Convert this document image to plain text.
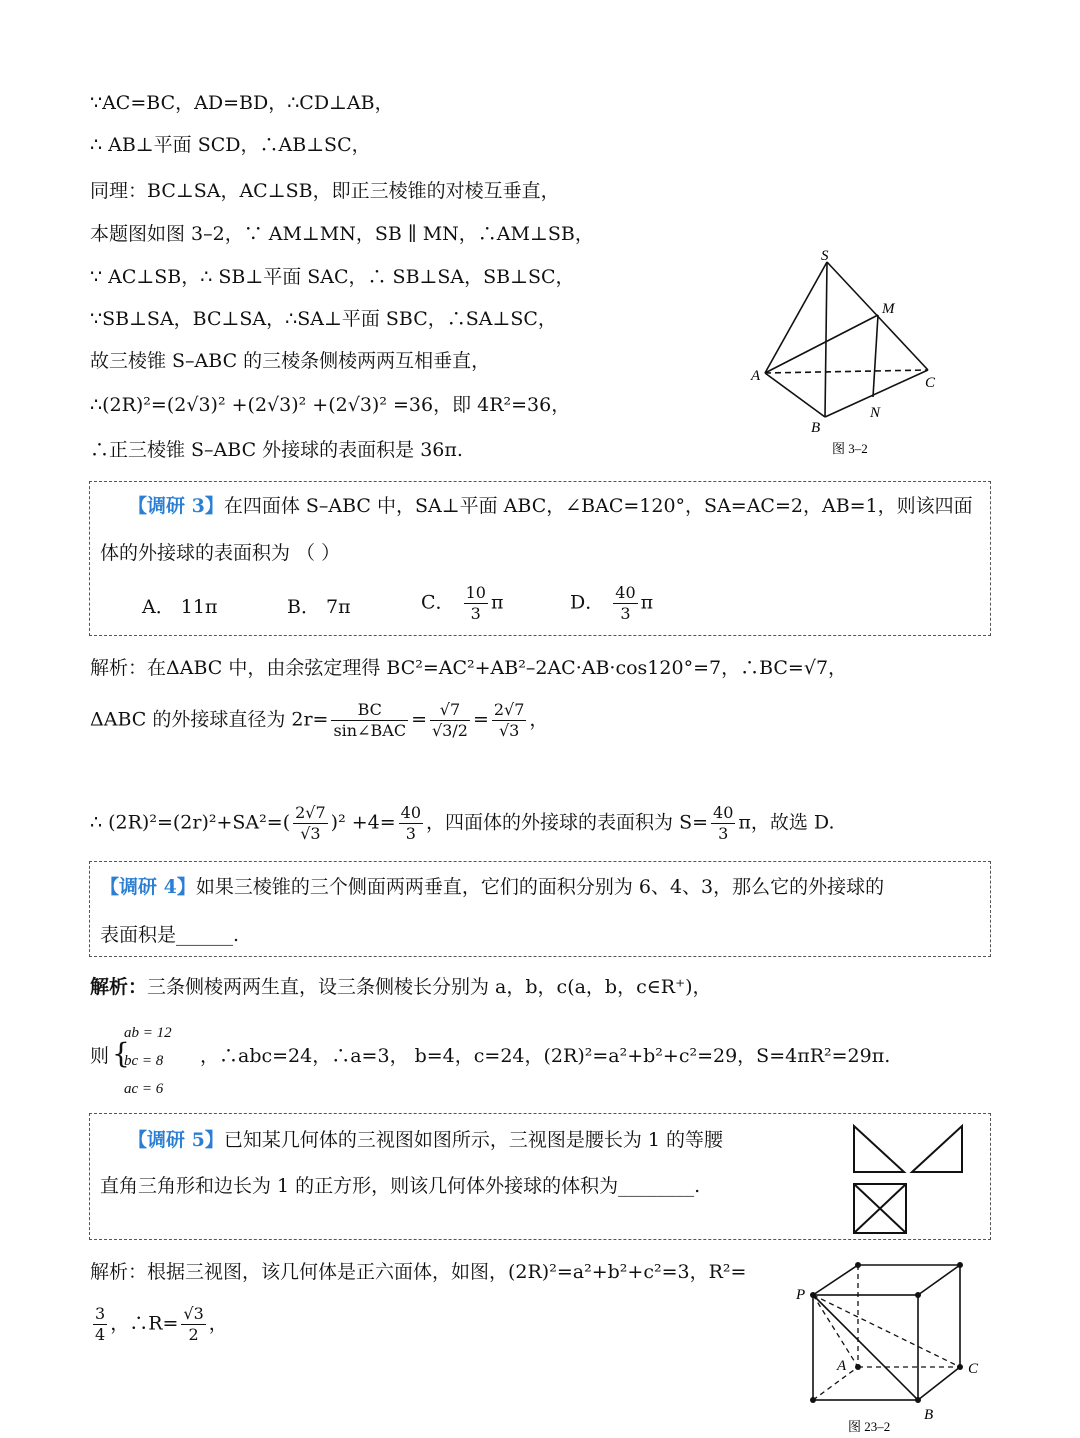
∵AC=BC，AD=BD，∴CD⊥AB，
∴ AB⊥平面 SCD，∴AB⊥SC，
同理：BC⊥SA，AC⊥SB，即正三棱锥的对棱互垂直，
本题图如图 3–2，∵ AM⊥MN，SB ∥ MN，∴AM⊥SB，
∵ AC⊥SB，∴ SB⊥平面 SAC，∴ SB⊥SA，SB⊥SC，
∵SB⊥SA，BC⊥SA，∴SA⊥平面 SBC，∴SA⊥SC，
故三棱锥 S–ABC 的三棱条侧棱两两互相垂直，
∴(2R)²=(2√3)² +(2√3)² +(2√3)² =36，即 4R²=36，
∴正三棱锥 S–ABC 外接球的表面积是 36π.
S
M
A	C
N
B
图 3–2
【调研 3】在四面体 S–ABC 中，SA⊥平面 ABC，∠BAC=120°，SA=AC=2，AB=1，则该四面
体的外接球的表面积为 （ ）
A． 11π	B． 7π	C． $\frac{10}{3}$ π	D． $\frac{40}{3}$ π
解析：在ΔABC 中，由余弦定理得 BC²=AC²+AB²–2AC·AB·cos120°=7，∴BC=√7，
ΔABC 的外接球直径为 $2r= \frac{BC}{\text{sin∠BAC}} = \frac{√7}{√3/2} = \frac{2√7}{√3}$ ，
∴ $(2R)^2=(2r)^2+SA^2=( \frac{2√7}{√3} )^2 +4= \frac{40}{3}$ ，四面体的外接球的表面积为 $S= \frac{40}{3}$ π，故选 D.
【调研 4】如果三棱锥的三个侧面两两垂直，它们的面积分别为 6、4、3，那么它的外接球的
表面积是______.
解析：三条侧棱两两生直，设三条侧棱长分别为 a，b，c(a，b，c∈R⁺)，
则 {
ab = 12
bc = 8
ac = 6
，∴abc=24，∴a=3， b=4，c=24，(2R)²=a²+b²+c²=29，S=4πR²=29π.
【调研 5】已知某几何体的三视图如图所示，三视图是腰长为 1 的等腰
直角三角形和边长为 1 的正方形，则该几何体外接球的体积为________.
解析：根据三视图，该几何体是正六面体，如图，(2R)²=a²+b²+c²=3，R²=
$\frac{3}{4}$ ，∴R= $\frac{√3}{2}$ ，
P
A	C
B
图 23–2
